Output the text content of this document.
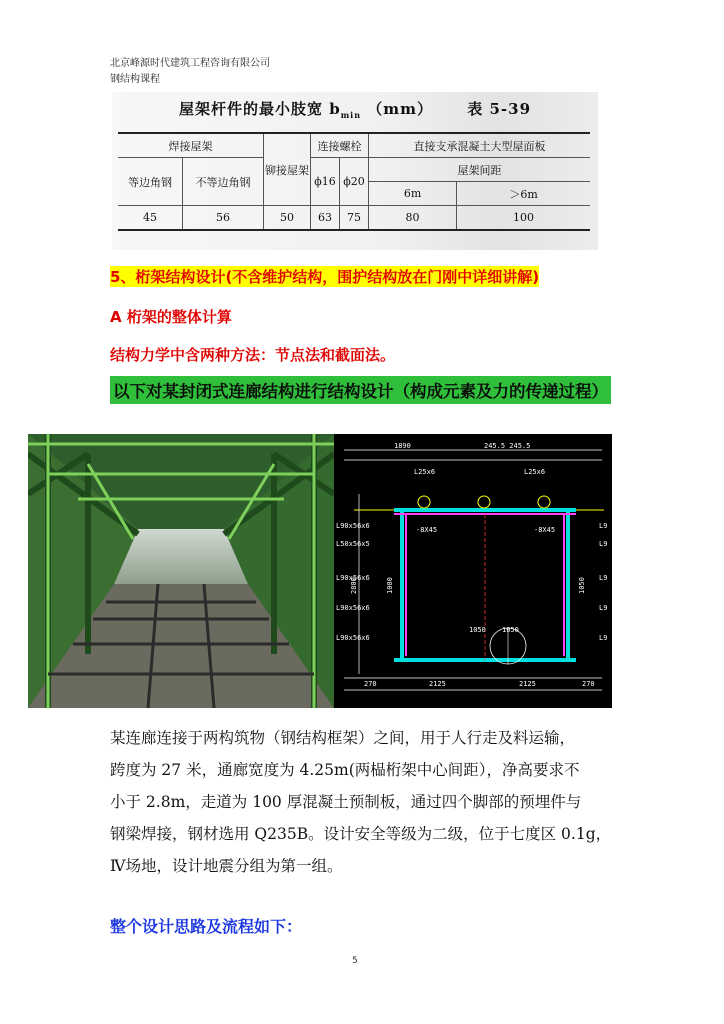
北京峰源时代建筑工程咨询有限公司
钢结构课程
屋架杆件的最小肢宽 $b_{min}$ （mm） 表 5-39
焊接屋架		铆接屋架	连接螺栓		直接支承混凝土大型屋面板	
等边角钢	不等边角钢		ϕ16	ϕ20	屋架间距	
					6m	＞6m
45	56	50	63	75	80	100
5、桁架结构设计(不含维护结构，围护结构放在门刚中详细讲解)
A 桁架的整体计算
结构力学中含两种方法：节点法和截面法。
以下对某封闭式连廊结构进行结构设计（构成元素及力的传递过程）
1890	245.5 245.5
270	2125	2125	270
1050 1050
L90x56x6
L50x56x5
L90x56x6
L90x56x6
L90x56x6
L9
L9
L9
L9
L9
-8X45	-8X45
L25x6	L25x6
2800	1000	1050

某连廊连接于两构筑物（钢结构框架）之间，用于人行走及料运输，

跨度为 27 米，通廊宽度为 4.25m(两榀桁架中心间距），净高要求不

小于 2.8m，走道为 100 厚混凝土预制板，通过四个脚部的预埋件与

钢梁焊接，钢材选用 Q235B。设计安全等级为二级，位于七度区 0.1g，

Ⅳ场地，设计地震分组为第一组。

整个设计思路及流程如下：
5
